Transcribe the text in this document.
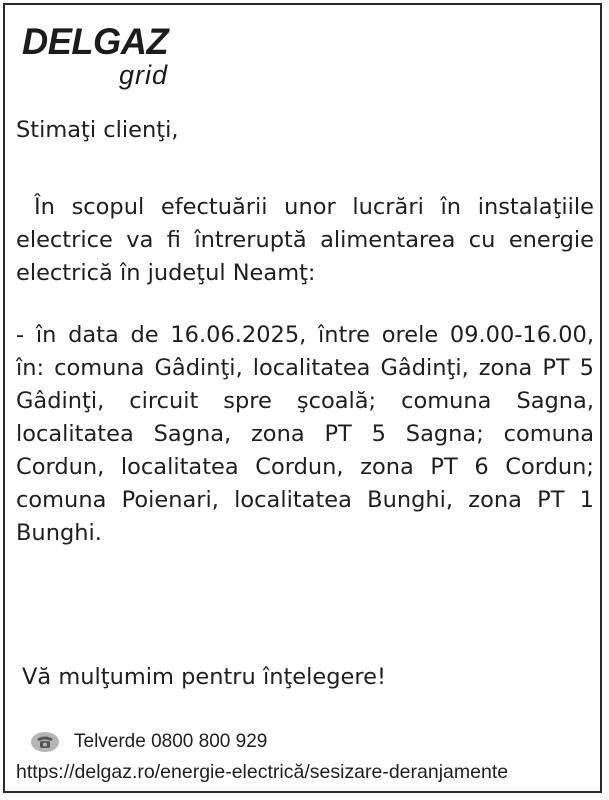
DELGAZ
grid
Stimaţi clienţi,
În scopul efectuării unor lucrări în instalaţiile electrice va fi întreruptă alimentarea cu energie electrică în judeţul Neamţ:
- în data de 16.06.2025, între orele 09.00-16.00, în: comuna Gâdinţi, localitatea Gâdinţi, zona PT 5 Gâdinţi, circuit spre şcoală; comuna Sagna, localitatea Sagna, zona PT 5 Sagna; comuna Cordun, localitatea Cordun, zona PT 6 Cordun; comuna Poienari, localitatea Bunghi, zona PT 1 Bunghi.
Vă mulţumim pentru înţelegere!
Telverde 0800 800 929
https://delgaz.ro/energie-electrică/sesizare-deranjamente
